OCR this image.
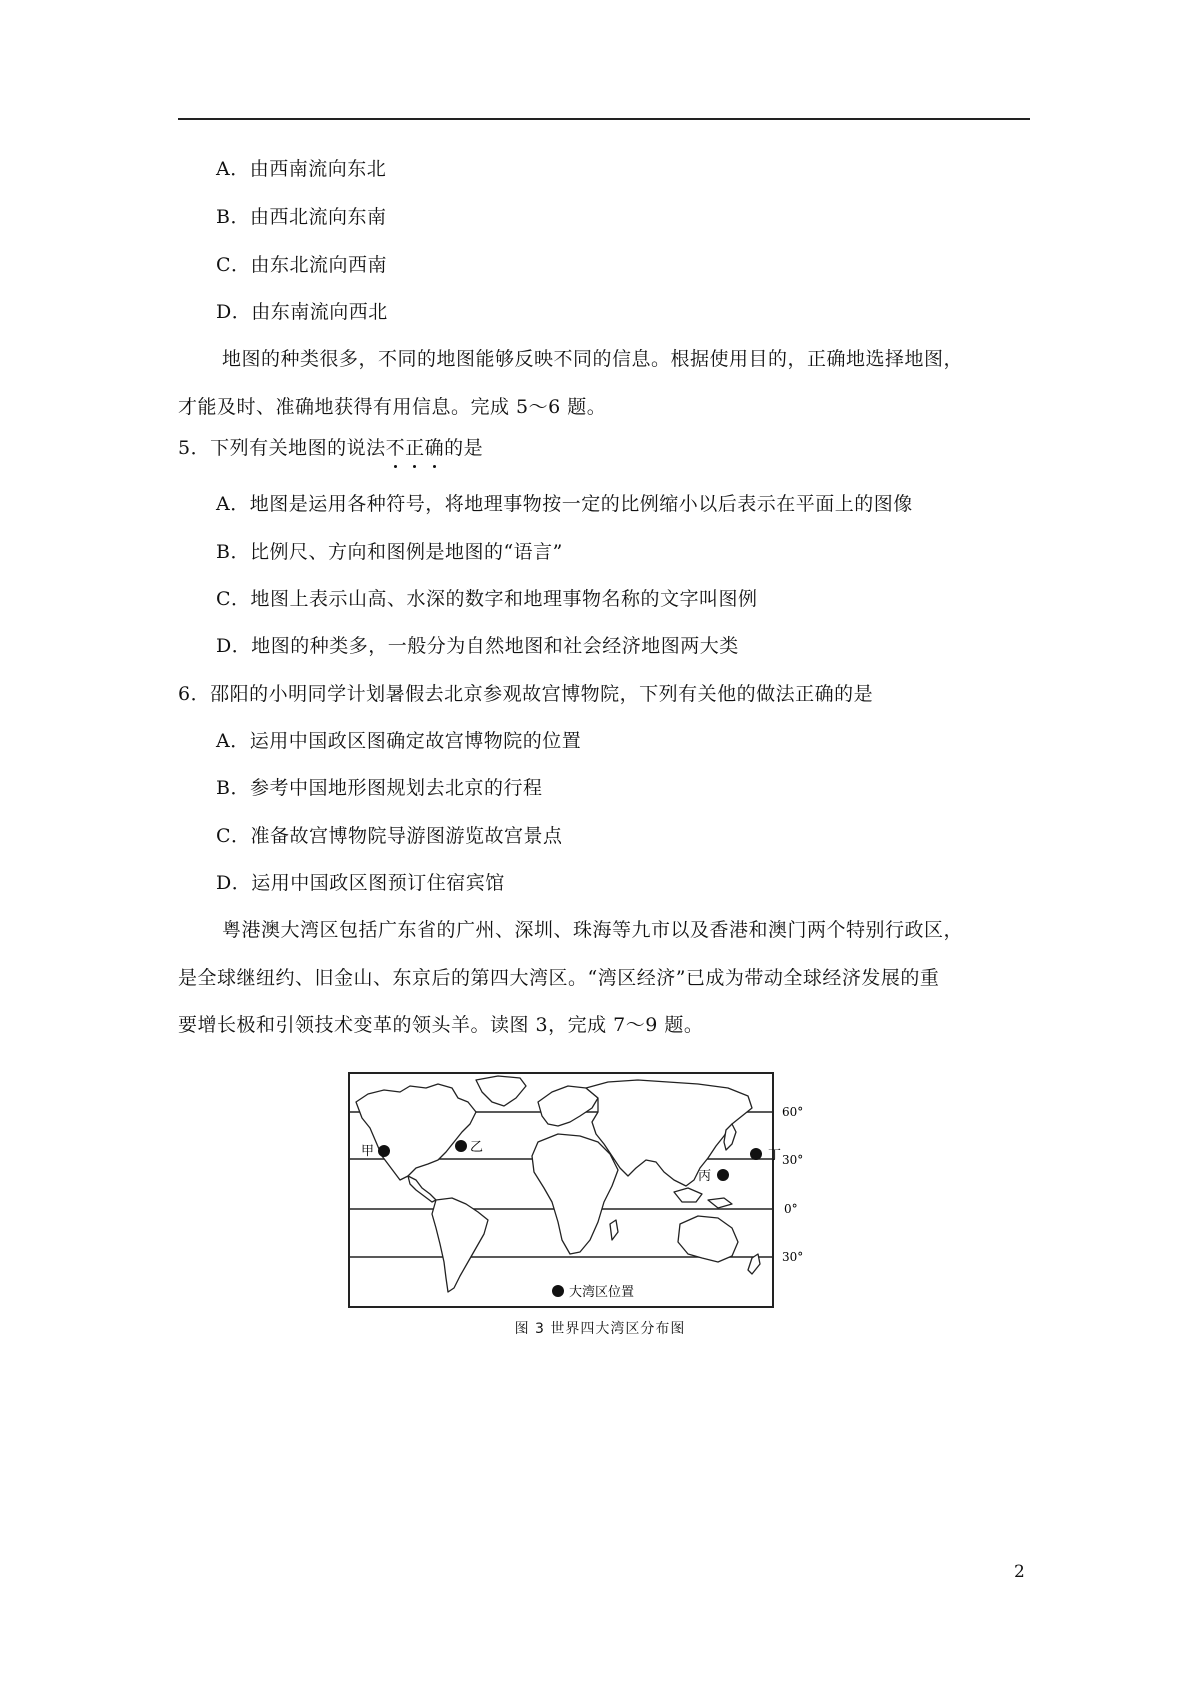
A．由西南流向东北
B．由西北流向东南
C．由东北流向西南
D．由东南流向西北
地图的种类很多，不同的地图能够反映不同的信息。根据使用目的，正确地选择地图，
才能及时、准确地获得有用信息。完成 5～6 题。
5．下列有关地图的说法不正确
的是
A．地图是运用各种符号，将地理事物按一定的比例缩小以后表示在平面上的图像
B．比例尺、方向和图例是地图的“语言”
C．地图上表示山高、水深的数字和地理事物名称的文字叫图例
D．地图的种类多，一般分为自然地图和社会经济地图两大类
6．邵阳的小明同学计划暑假去北京参观故宫博物院，下列有关他的做法正确的是
A．运用中国政区图确定故宫博物院的位置
B．参考中国地形图规划去北京的行程
C．准备故宫博物院导游图游览故宫景点
D．运用中国政区图预订住宿宾馆
粤港澳大湾区包括广东省的广州、深圳、珠海等九市以及香港和澳门两个特别行政区，
是全球继纽约、旧金山、东京后的第四大湾区。“湾区经济”已成为带动全球经济发展的重
要增长极和引领技术变革的领头羊。读图 3，完成 7～9 题。
60°
30°
0°
30°
甲	乙
丙
丁
大湾区位置
图 3 世界四大湾区分布图
2
